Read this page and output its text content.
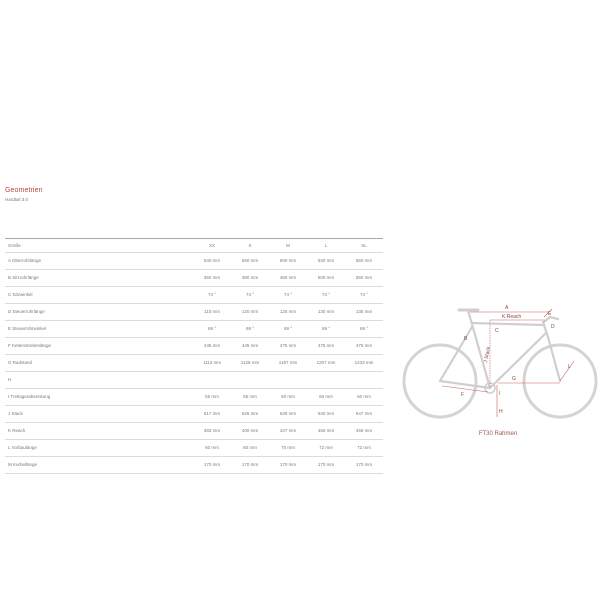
Geometrien
Hardtail 3.0
Größe	XS	S	M	L	XL
A Oberrohrlänge	540 mm	560 mm	600 mm	630 mm	650 mm
B Sitzrohrlänge	360 mm	380 mm	450 mm	500 mm	550 mm
C Sitzwinkel	74 °	74 °	74 °	74 °	74 °
D Steuerrohrlänge	110 mm	120 mm	125 mm	130 mm	135 mm
E Steuerrohrwinkel	69 °	69 °	69 °	69 °	69 °
F Kettenstrebenlänge	445 mm	445 mm	475 mm	475 mm	475 mm
G Radstand	1113 mm	1128 mm	1167 mm	1207 mm	1233 mm
H
I Tretlagerabsenkung	55 mm	55 mm	60 mm	60 mm	60 mm
J Stack	617 mm	626 mm	628 mm	640 mm	647 mm
K Reach	383 mm	400 mm	427 mm	456 mm	465 mm
L Vorbaulänge	60 mm	60 mm	70 mm	72 mm	72 mm
M Kurbellänge	170 mm	170 mm	170 mm	170 mm	170 mm
A
K Reach
B
C
D
E
J Stack
G
F
L
H
I
FT30 Rahmen
